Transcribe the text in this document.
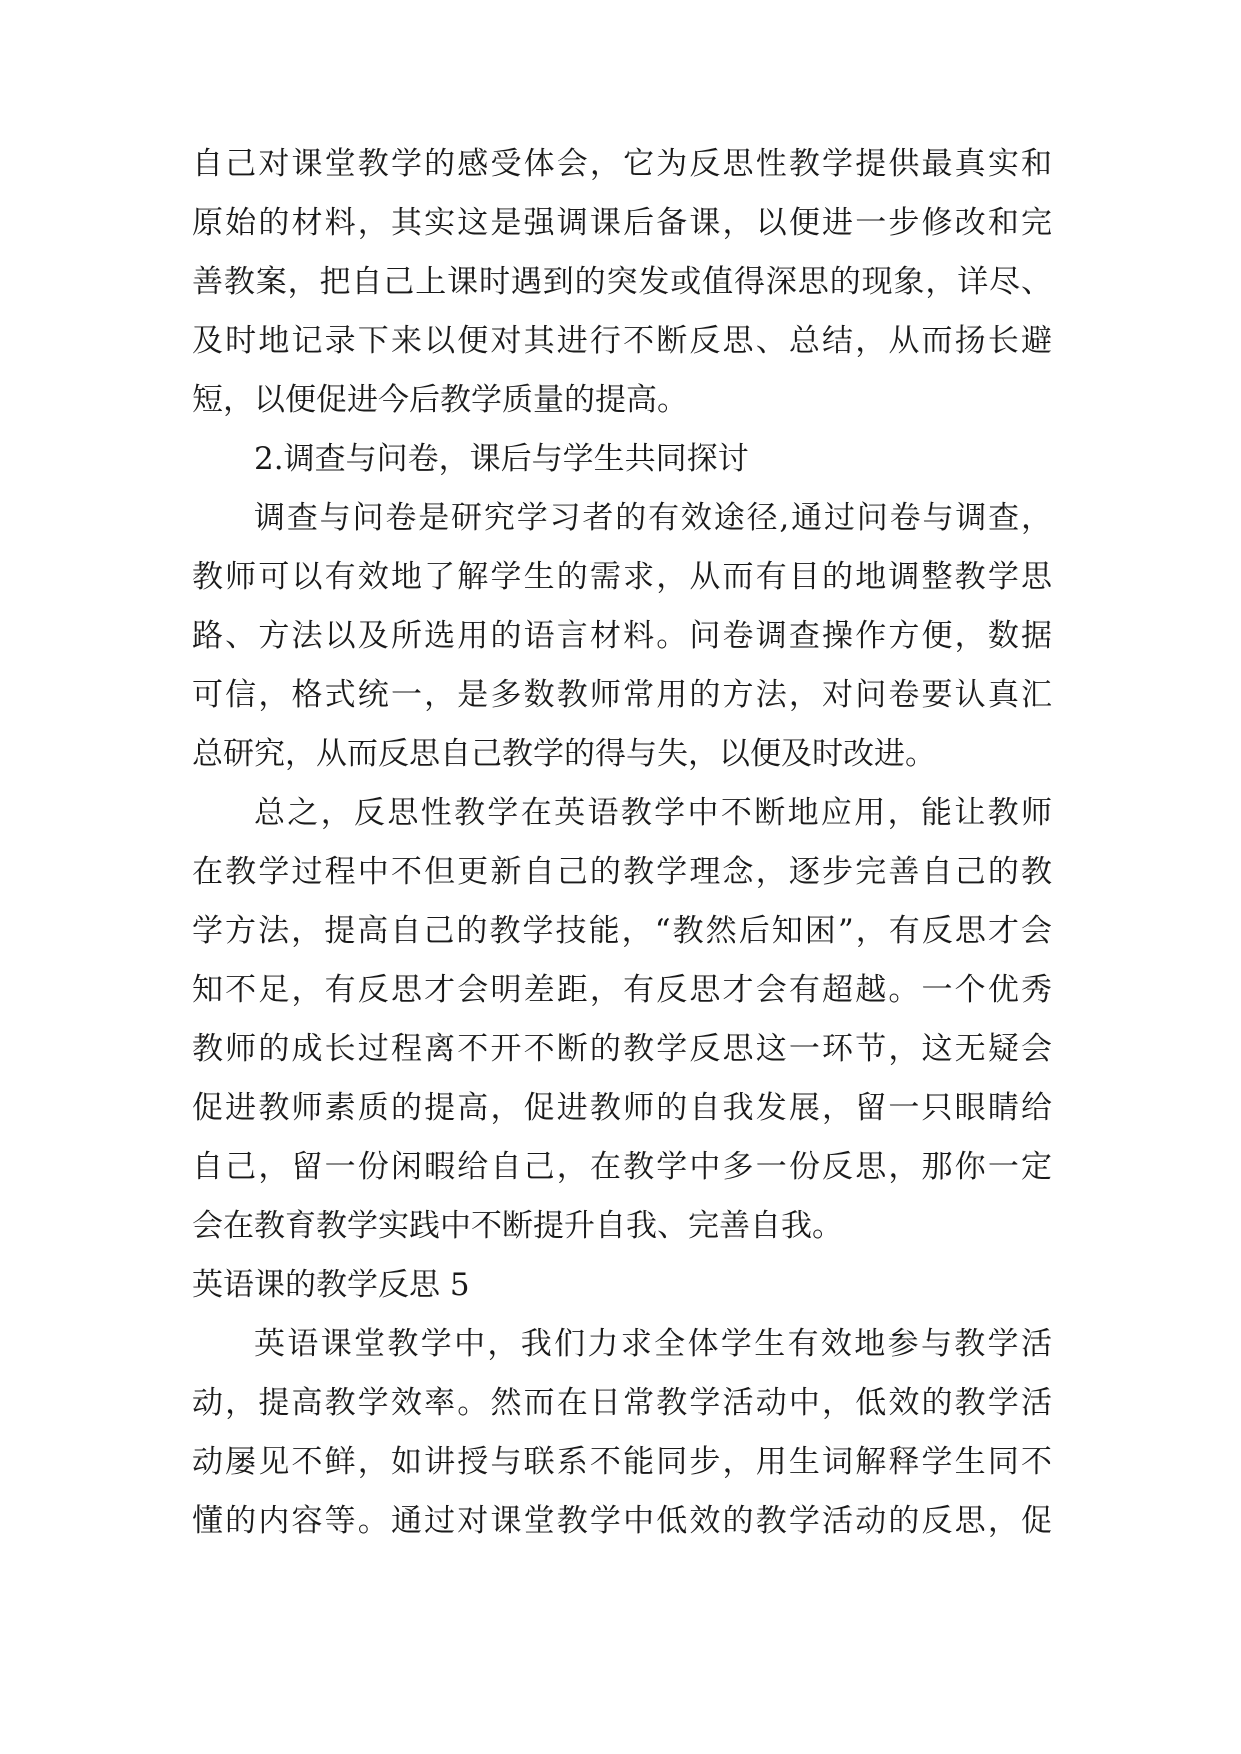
自己对课堂教学的感受体会，它为反思性教学提供最真实和
原始的材料，其实这是强调课后备课，以便进一步修改和完
善教案，把自己上课时遇到的突发或值得深思的现象，详尽、
及时地记录下来以便对其进行不断反思、总结，从而扬长避
短，以便促进今后教学质量的提高。
2.调查与问卷，课后与学生共同探讨
调查与问卷是研究学习者的有效途径,通过问卷与调查，
教师可以有效地了解学生的需求，从而有目的地调整教学思
路、方法以及所选用的语言材料。问卷调查操作方便，数据
可信，格式统一，是多数教师常用的方法，对问卷要认真汇
总研究，从而反思自己教学的得与失，以便及时改进。
总之，反思性教学在英语教学中不断地应用，能让教师
在教学过程中不但更新自己的教学理念，逐步完善自己的教
学方法，提高自己的教学技能，“教然后知困”，有反思才会
知不足，有反思才会明差距，有反思才会有超越。一个优秀
教师的成长过程离不开不断的教学反思这一环节，这无疑会
促进教师素质的提高，促进教师的自我发展，留一只眼睛给
自己，留一份闲暇给自己，在教学中多一份反思，那你一定
会在教育教学实践中不断提升自我、完善自我。
英语课的教学反思 5
英语课堂教学中，我们力求全体学生有效地参与教学活
动，提高教学效率。然而在日常教学活动中，低效的教学活
动屡见不鲜，如讲授与联系不能同步，用生词解释学生同不
懂的内容等。通过对课堂教学中低效的教学活动的反思，促
